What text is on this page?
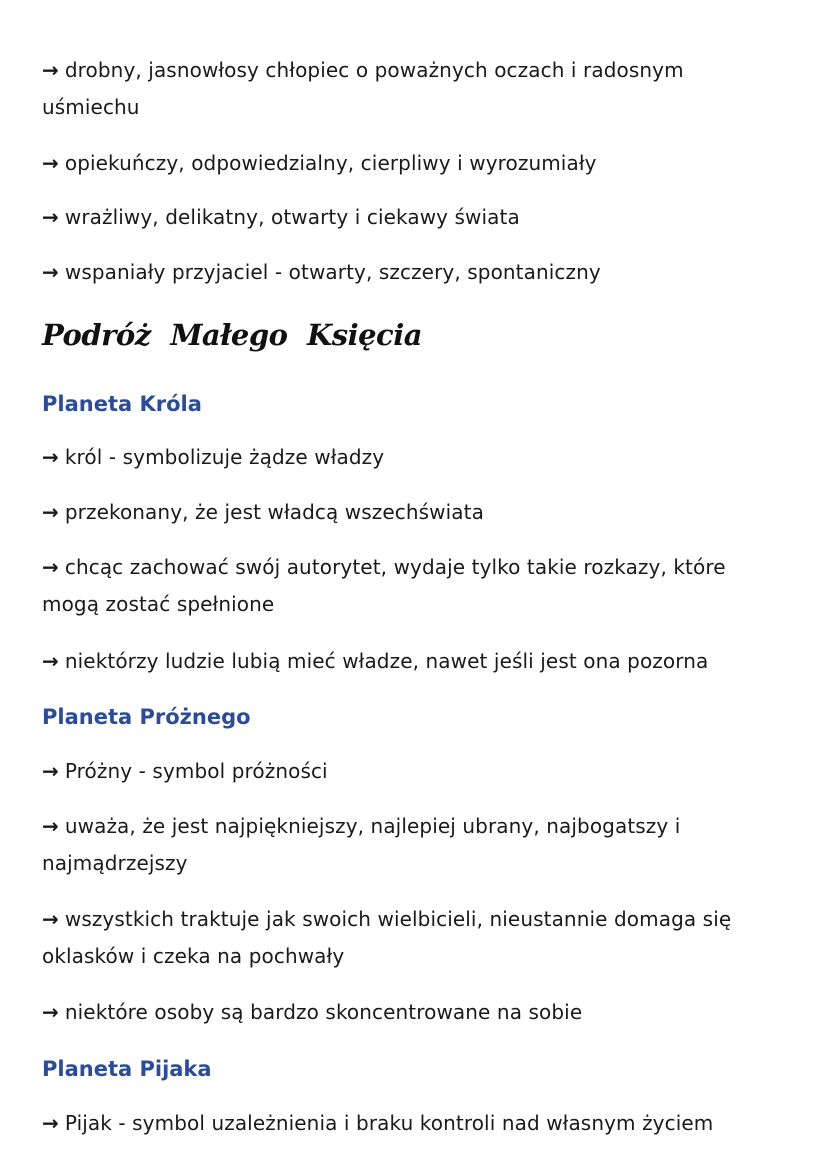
→ drobny, jasnowłosy chłopiec o poważnych oczach i radosnym uśmiechu
→ opiekuńczy, odpowiedzialny, cierpliwy i wyrozumiały
→ wrażliwy, delikatny, otwarty i ciekawy świata
→ wspaniały przyjaciel - otwarty, szczery, spontaniczny
Podróż Małego Księcia
Planeta Króla
→ król - symbolizuje żądze władzy
→ przekonany, że jest władcą wszechświata
→ chcąc zachować swój autorytet, wydaje tylko takie rozkazy, które mogą zostać spełnione
→ niektórzy ludzie lubią mieć władze, nawet jeśli jest ona pozorna
Planeta Próżnego
→ Próżny - symbol próżności
→ uważa, że jest najpiękniejszy, najlepiej ubrany, najbogatszy i najmądrzejszy
→ wszystkich traktuje jak swoich wielbicieli, nieustannie domaga się oklasków i czeka na pochwały
→ niektóre osoby są bardzo skoncentrowane na sobie
Planeta Pijaka
→ Pijak - symbol uzależnienia i braku kontroli nad własnym życiem
